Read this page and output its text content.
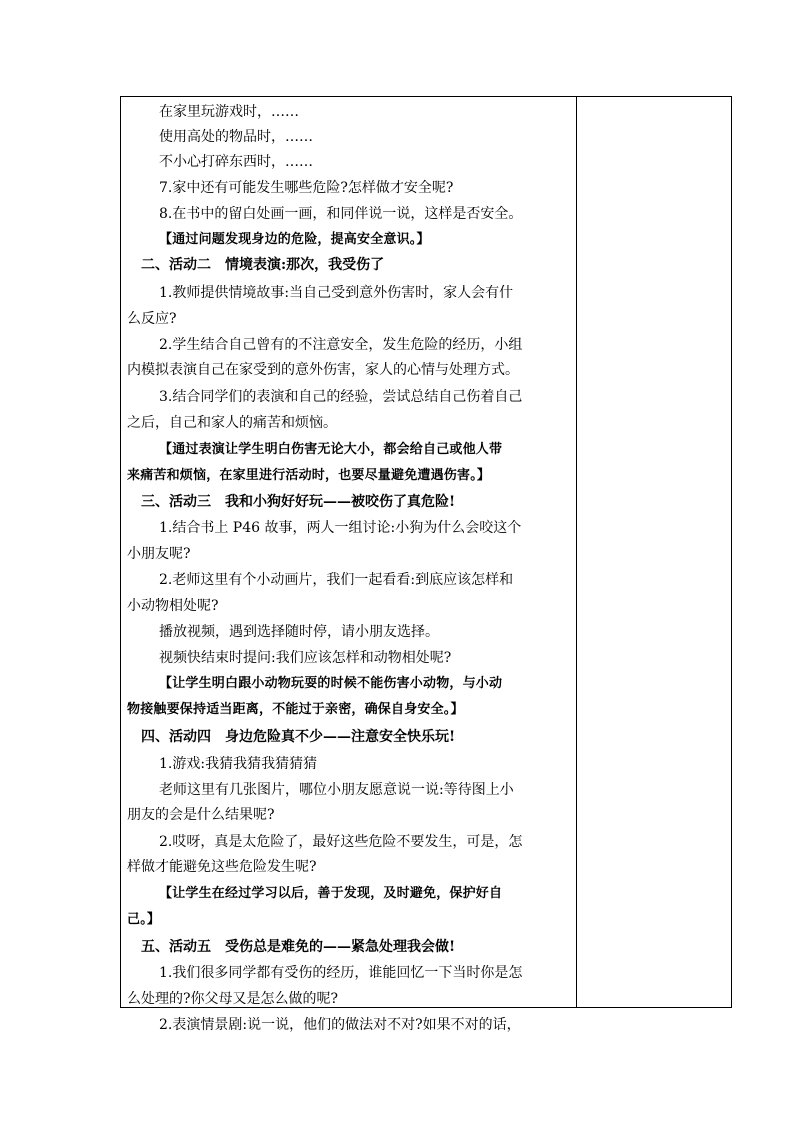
在家里玩游戏时，……
使用高处的物品时，……
不小心打碎东西时，……
7.家中还有可能发生哪些危险?怎样做才安全呢?
8.在书中的留白处画一画，和同伴说一说，这样是否安全。
【通过问题发现身边的危险，提高安全意识。】
二、活动二　情境表演:那次，我受伤了
1.教师提供情境故事:当自己受到意外伤害时，家人会有什
么反应?
2.学生结合自己曾有的不注意安全，发生危险的经历，小组
内模拟表演自己在家受到的意外伤害，家人的心情与处理方式。
3.结合同学们的表演和自己的经验，尝试总结自己伤着自己
之后，自己和家人的痛苦和烦恼。
【通过表演让学生明白伤害无论大小，都会给自己或他人带
来痛苦和烦恼，在家里进行活动时，也要尽量避免遭遇伤害。】
三、活动三　我和小狗好好玩——被咬伤了真危险!
1.结合书上 P46 故事，两人一组讨论:小狗为什么会咬这个
小朋友呢?
2.老师这里有个小动画片，我们一起看看:到底应该怎样和
小动物相处呢?
播放视频，遇到选择随时停，请小朋友选择。
视频快结束时提问:我们应该怎样和动物相处呢?
【让学生明白跟小动物玩耍的时候不能伤害小动物，与小动
物接触要保持适当距离，不能过于亲密，确保自身安全。】
四、活动四　身边危险真不少——注意安全快乐玩!
1.游戏:我猜我猜我猜猜猜
老师这里有几张图片，哪位小朋友愿意说一说:等待图上小
朋友的会是什么结果呢?
2.哎呀，真是太危险了，最好这些危险不要发生，可是，怎
样做才能避免这些危险发生呢?
【让学生在经过学习以后，善于发现，及时避免，保护好自
己。】
五、活动五　受伤总是难免的——紧急处理我会做!
1.我们很多同学都有受伤的经历，谁能回忆一下当时你是怎
么处理的?你父母又是怎么做的呢?
2.表演情景剧:说一说，他们的做法对不对?如果不对的话，
